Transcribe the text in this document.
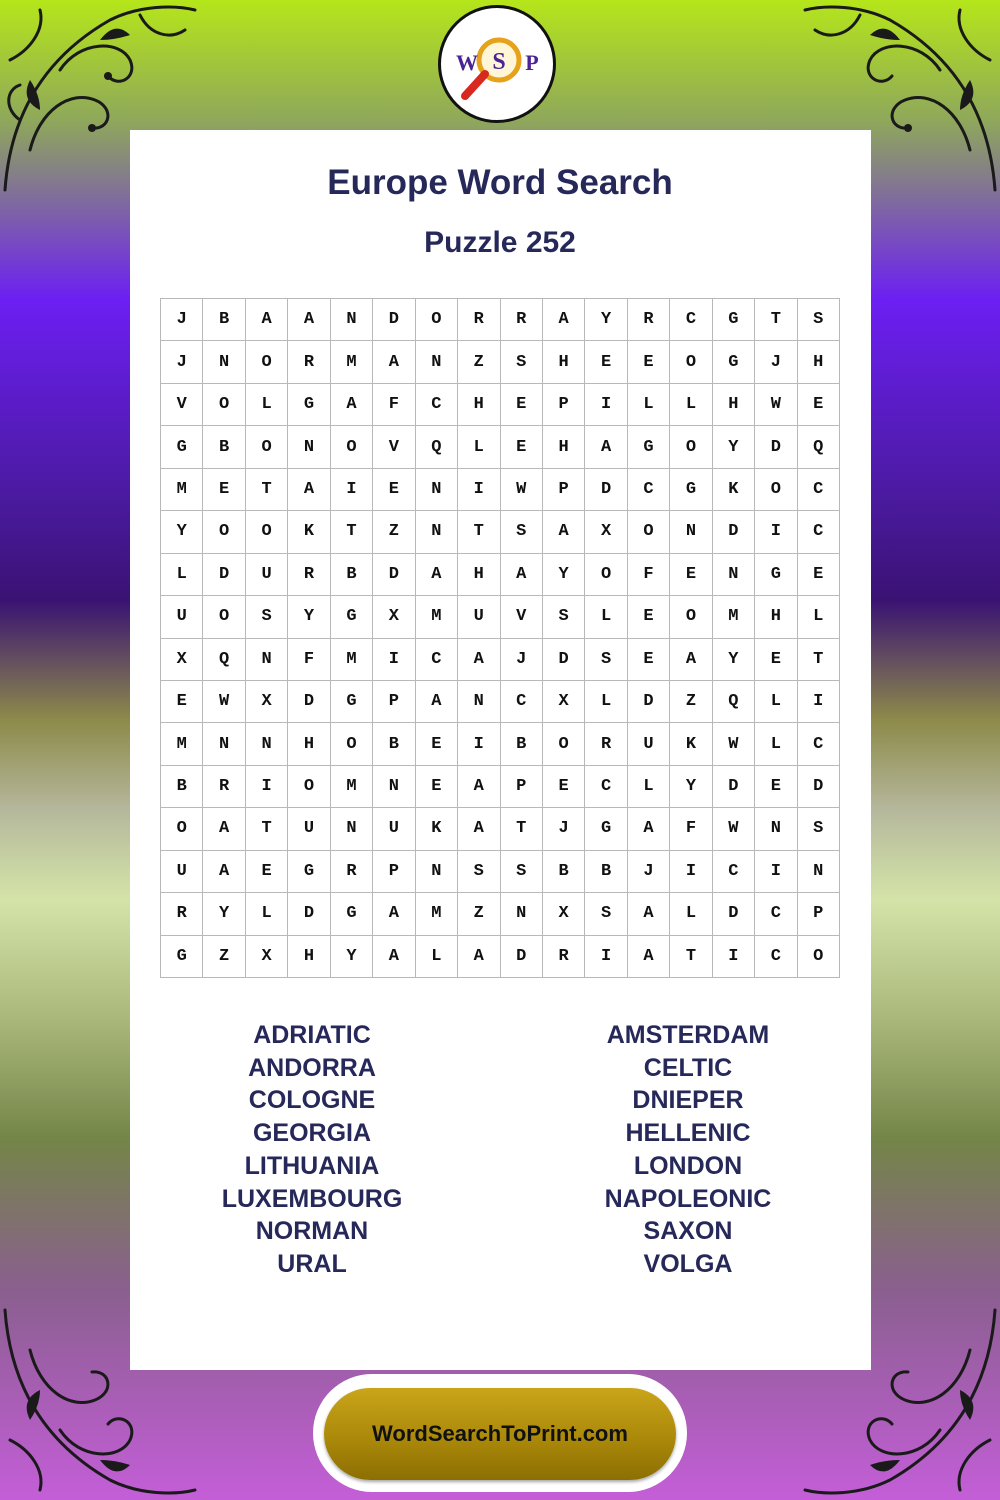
W S P
Europe Word Search
Puzzle 252
J	B	A	A	N	D	O	R	R	A	Y	R	C	G	T	S
J	N	O	R	M	A	N	Z	S	H	E	E	O	G	J	H
V	O	L	G	A	F	C	H	E	P	I	L	L	H	W	E
G	B	O	N	O	V	Q	L	E	H	A	G	O	Y	D	Q
M	E	T	A	I	E	N	I	W	P	D	C	G	K	O	C
Y	O	O	K	T	Z	N	T	S	A	X	O	N	D	I	C
L	D	U	R	B	D	A	H	A	Y	O	F	E	N	G	E
U	O	S	Y	G	X	M	U	V	S	L	E	O	M	H	L
X	Q	N	F	M	I	C	A	J	D	S	E	A	Y	E	T
E	W	X	D	G	P	A	N	C	X	L	D	Z	Q	L	I
M	N	N	H	O	B	E	I	B	O	R	U	K	W	L	C
B	R	I	O	M	N	E	A	P	E	C	L	Y	D	E	D
O	A	T	U	N	U	K	A	T	J	G	A	F	W	N	S
U	A	E	G	R	P	N	S	S	B	B	J	I	C	I	N
R	Y	L	D	G	A	M	Z	N	X	S	A	L	D	C	P
G	Z	X	H	Y	A	L	A	D	R	I	A	T	I	C	O
ADRIATIC
ANDORRA
COLOGNE
GEORGIA
LITHUANIA
LUXEMBOURG
NORMAN
URAL
AMSTERDAM
CELTIC
DNIEPER
HELLENIC
LONDON
NAPOLEONIC
SAXON
VOLGA
WordSearchToPrint.com
